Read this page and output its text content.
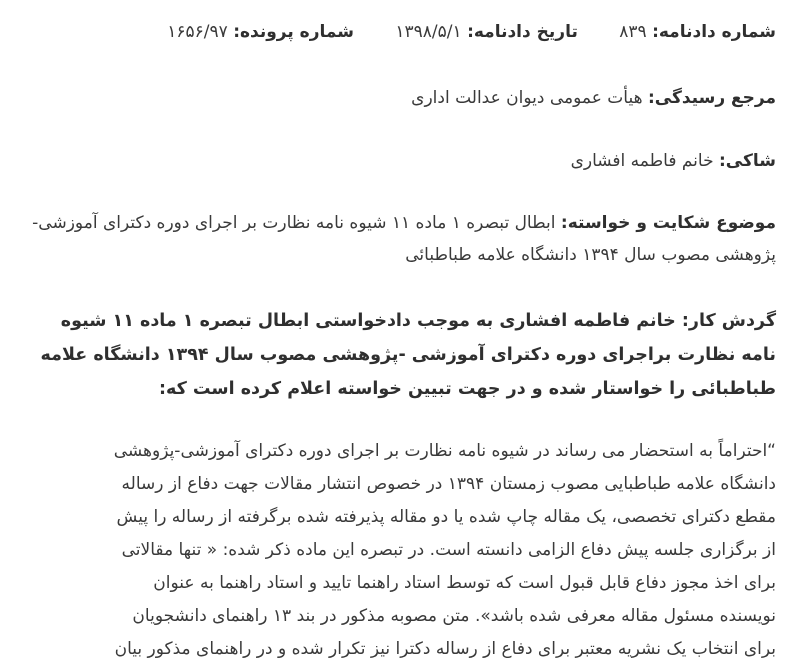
شماره دادنامه: ۸۳۹ تاریخ دادنامه: ۱۳۹۸/۵/۱ شماره پرونده: ۱۶۵۶/۹۷
مرجع رسیدگی: هیأت عمومی دیوان عدالت اداری
شاکی: خانم فاطمه افشاری
موضوع شکایت و خواسته: ابطال تبصره ۱ ماده ۱۱ شیوه نامه نظارت بر اجرای دوره دکترای آموزشی-پژوهشی مصوب سال ۱۳۹۴ دانشگاه علامه طباطبائی
گردش کار: خانم فاطمه افشاری به موجب دادخواستی ابطال تبصره ۱ ماده ۱۱ شیوه نامه نظارت براجرای دوره دکترای آموزشی -پژوهشی مصوب سال ۱۳۹۴ دانشگاه علامه طباطبائی را خواستار شده و در جهت تبیین خواسته اعلام کرده است که:
“احتراماً به استحضار می رساند در شیوه نامه نظارت بر اجرای دوره دکترای آموزشی-پژوهشی
دانشگاه علامه طباطبایی مصوب زمستان ۱۳۹۴ در خصوص انتشار مقالات جهت دفاع از رساله
مقطع دکترای تخصصی، یک مقاله چاپ شده یا دو مقاله پذیرفته شده برگرفته از رساله را پیش
از برگزاری جلسه پیش دفاع الزامی دانسته است. در تبصره این ماده ذکر شده: « تنها مقالاتی
برای اخذ مجوز دفاع قابل قبول است که توسط استاد راهنما تایید و استاد راهنما به عنوان
نویسنده مسئول مقاله معرفی شده باشد». متن مصوبه مذکور در بند ۱۳ راهنمای دانشجویان
برای انتخاب یک نشریه معتبر برای دفاع از رساله دکترا نیز تکرار شده و در راهنمای مذکور بیان
